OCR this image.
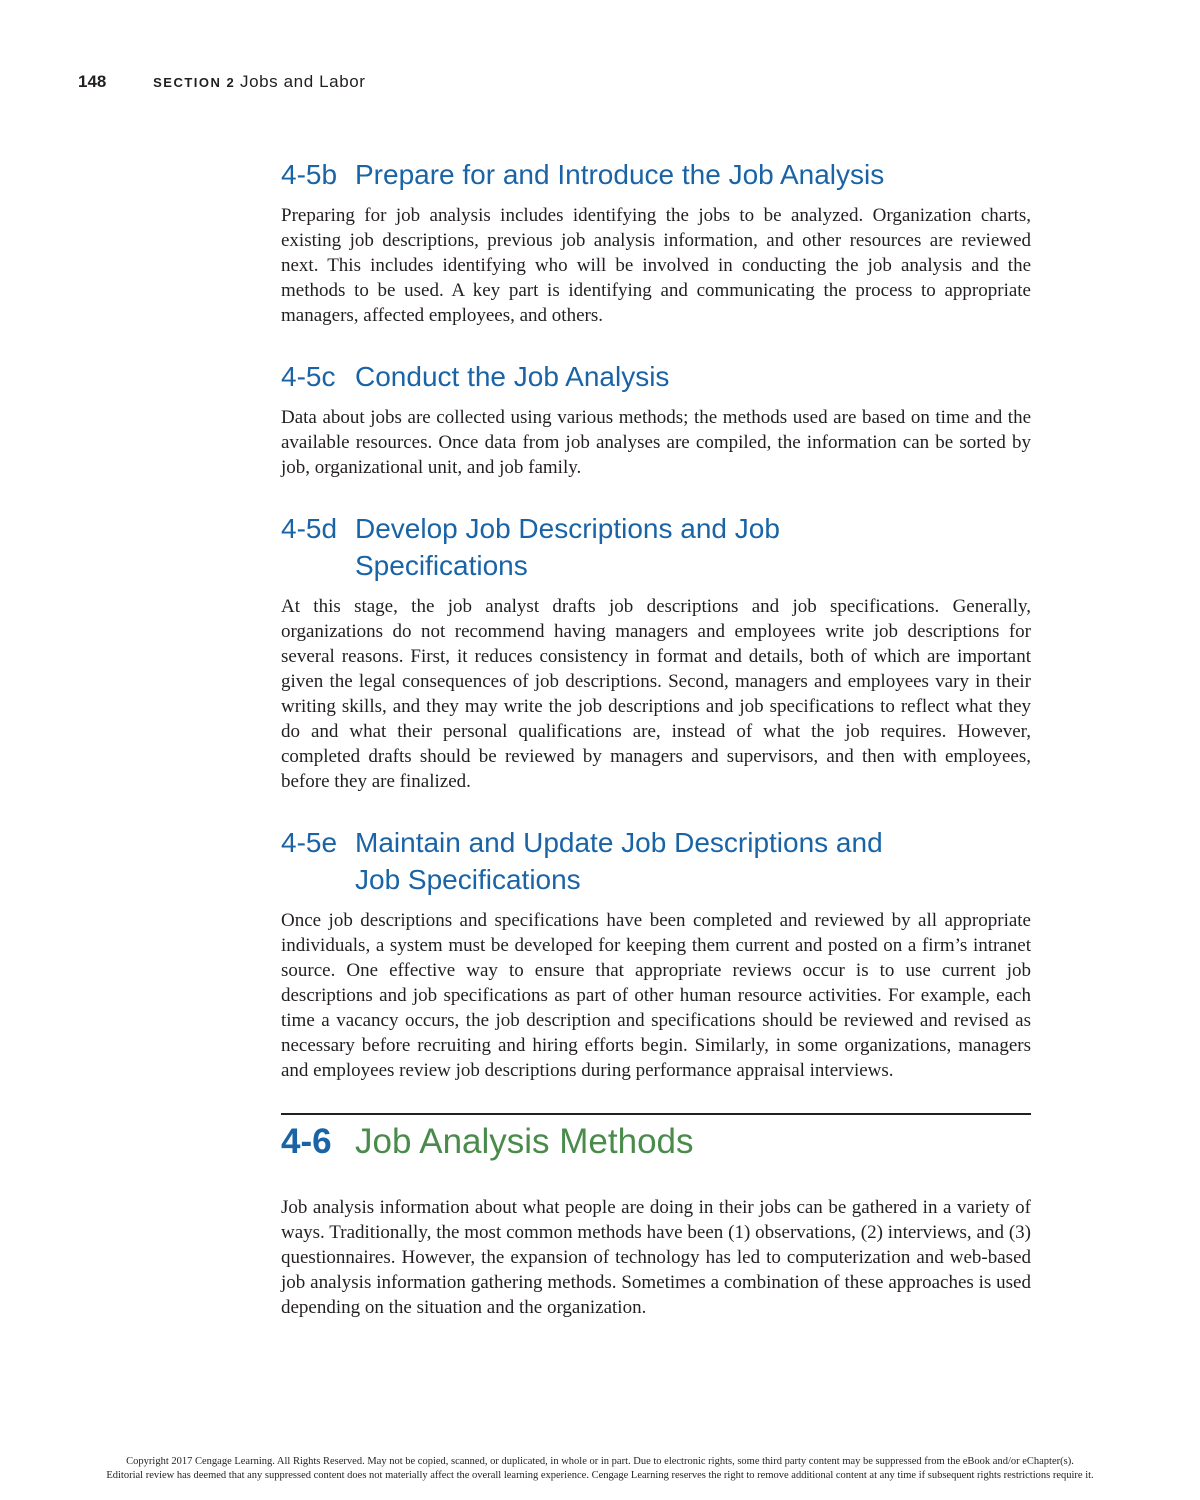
148	SECTION 2 Jobs and Labor
4-5b Prepare for and Introduce the Job Analysis

Preparing for job analysis includes identifying the jobs to be analyzed. Organization charts, existing job descriptions, previous job analysis information, and other resources are reviewed next. This includes identifying who will be involved in conducting the job analysis and the methods to be used. A key part is identifying and communicating the process to appropriate managers, affected employees, and others.

4-5c Conduct the Job Analysis

Data about jobs are collected using various methods; the methods used are based on time and the available resources. Once data from job analyses are compiled, the information can be sorted by job, organizational unit, and job family.

4-5d Develop Job Descriptions and Job Specifications

At this stage, the job analyst drafts job descriptions and job specifications. Generally, organizations do not recommend having managers and employees write job descriptions for several reasons. First, it reduces consistency in format and details, both of which are important given the legal consequences of job descriptions. Second, managers and employees vary in their writing skills, and they may write the job descriptions and job specifications to reflect what they do and what their personal qualifications are, instead of what the job requires. However, completed drafts should be reviewed by managers and supervisors, and then with employees, before they are finalized.

4-5e Maintain and Update Job Descriptions and Job Specifications

Once job descriptions and specifications have been completed and reviewed by all appropriate individuals, a system must be developed for keeping them current and posted on a firm’s intranet source. One effective way to ensure that appropriate reviews occur is to use current job descriptions and job specifications as part of other human resource activities. For example, each time a vacancy occurs, the job description and specifications should be reviewed and revised as necessary before recruiting and hiring efforts begin. Similarly, in some organizations, managers and employees review job descriptions during performance appraisal interviews.

4-6 Job Analysis Methods

Job analysis information about what people are doing in their jobs can be gathered in a variety of ways. Traditionally, the most common methods have been (1) observations, (2) interviews, and (3) questionnaires. However, the expansion of technology has led to computerization and web-based job analysis information gathering methods. Sometimes a combination of these approaches is used depending on the situation and the organization.

Copyright 2017 Cengage Learning. All Rights Reserved. May not be copied, scanned, or duplicated, in whole or in part. Due to electronic rights, some third party content may be suppressed from the eBook and/or eChapter(s).
Editorial review has deemed that any suppressed content does not materially affect the overall learning experience. Cengage Learning reserves the right to remove additional content at any time if subsequent rights restrictions require it.
